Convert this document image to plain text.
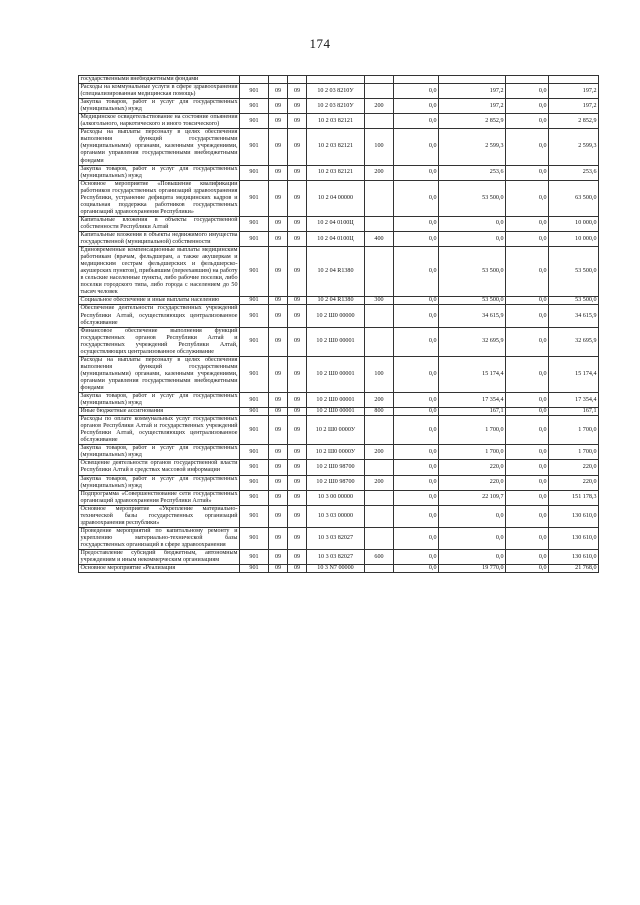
174
государственными внебюджетными фондами									
Расходы на коммунальные услуги в сфере здравоохранения (специализированная медицинская помощь)	901	09	09	10 2 03 8210У		0,0	197,2	0,0	197,2
Закупка товаров, работ и услуг для государственных (муниципальных) нужд	901	09	09	10 2 03 8210У	200	0,0	197,2	0,0	197,2
Медицинское освидетельствование на состояние опьянения (алкогольного, наркотического и иного токсического)	901	09	09	10 2 03 82121		0,0	2 852,9	0,0	2 852,9
Расходы на выплаты персоналу в целях обеспечения выполнения функций государственными (муниципальными) органами, казенными учреждениями, органами управления государственными внебюджетными фондами	901	09	09	10 2 03 82121	100	0,0	2 599,3	0,0	2 599,3
Закупка товаров, работ и услуг для государственных (муниципальных) нужд	901	09	09	10 2 03 82121	200	0,0	253,6	0,0	253,6
Основное мероприятие «Повышение квалификации работников государственных организаций здравоохранения Республики, устранение дефицита медицинских кадров и социальная поддержка работников государственных организаций здравоохранения Республики»	901	09	09	10 2 04 00000		0,0	53 500,0	0,0	63 500,0
Капитальные вложения в объекты государственной собственности Республики Алтай	901	09	09	10 2 04 0100Ц		0,0	0,0	0,0	10 000,0
Капитальные вложения в объекты недвижимого имущества государственной (муниципальной) собственности	901	09	09	10 2 04 0100Ц	400	0,0	0,0	0,0	10 000,0
Единовременные компенсационные выплаты медицинским работникам (врачам, фельдшерам, а также акушеркам и медицинским сестрам фельдшерских и фельдшерско-акушерских пунктов), прибывшим (переехавшим) на работу в сельские населенные пункты, либо рабочие поселки, либо поселки городского типа, либо города с населением до 50 тысяч человек	901	09	09	10 2 04 R1380		0,0	53 500,0	0,0	53 500,0
Социальное обеспечение и иные выплаты населению	901	09	09	10 2 04 R1380	300	0,0	53 500,0	0,0	53 500,0
Обеспечение деятельности государственных учреждений Республики Алтай, осуществляющих централизованное обслуживание	901	09	09	10 2 Ш0 00000		0,0	34 615,9	0,0	34 615,9
Финансовое обеспечение выполнения функций государственных органов Республики Алтай и государственных учреждений Республики Алтай, осуществляющих централизованное обслуживание	901	09	09	10 2 Ш0 00001		0,0	32 695,9	0,0	32 695,9
Расходы на выплаты персоналу в целях обеспечения выполнения функций государственными (муниципальными) органами, казенными учреждениями, органами управления государственными внебюджетными фондами	901	09	09	10 2 Ш0 00001	100	0,0	15 174,4	0,0	15 174,4
Закупка товаров, работ и услуг для государственных (муниципальных) нужд	901	09	09	10 2 Ш0 00001	200	0,0	17 354,4	0,0	17 354,4
Иные бюджетные ассигнования	901	09	09	10 2 Ш0 00001	800	0,0	167,1	0,0	167,1
Расходы по оплате коммунальных услуг государственных органов Республики Алтай и государственных учреждений Республики Алтай, осуществляющих централизованное обслуживание	901	09	09	10 2 Ш0 0000У		0,0	1 700,0	0,0	1 700,0
Закупка товаров, работ и услуг для государственных (муниципальных) нужд	901	09	09	10 2 Ш0 0000У	200	0,0	1 700,0	0,0	1 700,0
Освещение деятельности органов государственной власти Республики Алтай в средствах массовой информации	901	09	09	10 2 Ш0 98700		0,0	220,0	0,0	220,0
Закупка товаров, работ и услуг для государственных (муниципальных) нужд	901	09	09	10 2 Ш0 98700	200	0,0	220,0	0,0	220,0
Подпрограмма «Совершенствование сети государственных организаций здравоохранения Республики Алтай»	901	09	09	10 3 00 00000		0,0	22 109,7	0,0	151 178,3
Основное мероприятие «Укрепление материально-технической базы государственных организаций здравоохранения республики»	901	09	09	10 3 03 00000		0,0	0,0	0,0	130 610,0
Проведение мероприятий по капитальному ремонту и укреплению материально-технической базы государственных организаций в сфере здравоохранения	901	09	09	10 3 03 82027		0,0	0,0	0,0	130 610,0
Предоставление субсидий бюджетным, автономным учреждениям и иным некоммерческим организациям	901	09	09	10 3 03 82027	600	0,0	0,0	0,0	130 610,0
Основное мероприятие «Реализация	901	09	09	10 3 N7 00000		0,0	19 770,0	0,0	21 768,0
